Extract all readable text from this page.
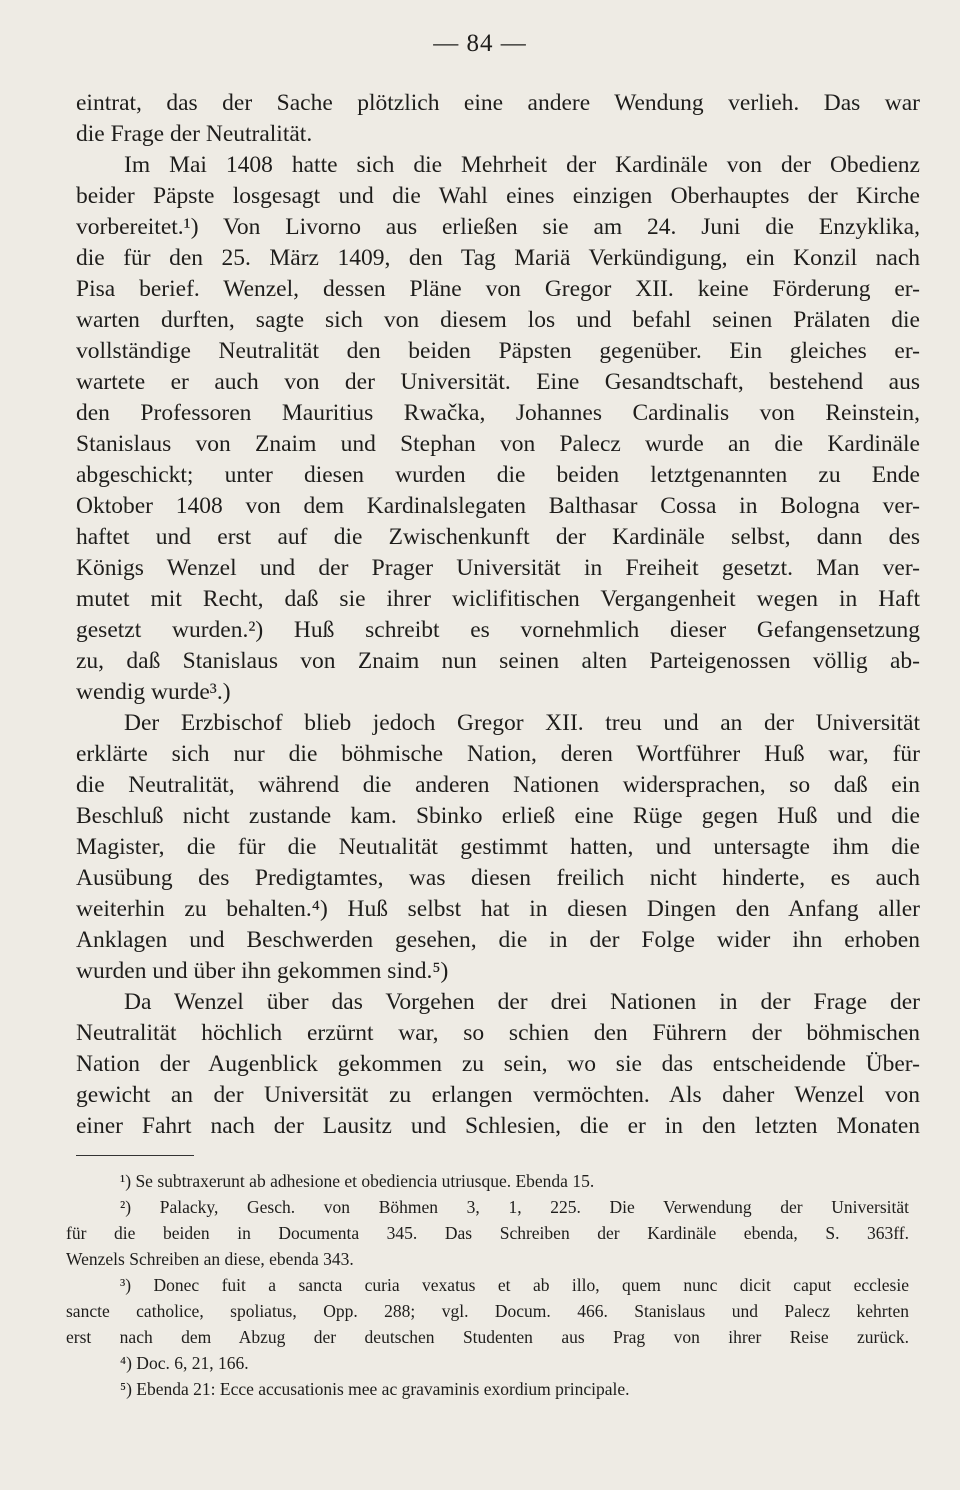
— 84 —
eintrat, das der Sache plötzlich eine andere Wendung verlieh. Das war
die Frage der Neutralität.
Im Mai 1408 hatte sich die Mehrheit der Kardinäle von der Obedienz
beider Päpste losgesagt und die Wahl eines einzigen Oberhauptes der Kirche
vorbereitet.¹) Von Livorno aus erließen sie am 24. Juni die Enzyklika,
die für den 25. März 1409, den Tag Mariä Verkündigung, ein Konzil nach
Pisa berief. Wenzel, dessen Pläne von Gregor XII. keine Förderung er-
warten durften, sagte sich von diesem los und befahl seinen Prälaten die
vollständige Neutralität den beiden Päpsten gegenüber. Ein gleiches er-
wartete er auch von der Universität. Eine Gesandtschaft, bestehend aus
den Professoren Mauritius Rwačka, Johannes Cardinalis von Reinstein,
Stanislaus von Znaim und Stephan von Palecz wurde an die Kardinäle
abgeschickt; unter diesen wurden die beiden letztgenannten zu Ende
Oktober 1408 von dem Kardinalslegaten Balthasar Cossa in Bologna ver-
haftet und erst auf die Zwischenkunft der Kardinäle selbst, dann des
Königs Wenzel und der Prager Universität in Freiheit gesetzt. Man ver-
mutet mit Recht, daß sie ihrer wiclifitischen Vergangenheit wegen in Haft
gesetzt wurden.²) Huß schreibt es vornehmlich dieser Gefangensetzung
zu, daß Stanislaus von Znaim nun seinen alten Parteigenossen völlig ab-
wendig wurde³.)
Der Erzbischof blieb jedoch Gregor XII. treu und an der Universität
erklärte sich nur die böhmische Nation, deren Wortführer Huß war, für
die Neutralität, während die anderen Nationen widersprachen, so daß ein
Beschluß nicht zustande kam. Sbinko erließ eine Rüge gegen Huß und die
Magister, die für die Neutıalität gestimmt hatten, und untersagte ihm die
Ausübung des Predigtamtes, was diesen freilich nicht hinderte, es auch
weiterhin zu behalten.⁴) Huß selbst hat in diesen Dingen den Anfang aller
Anklagen und Beschwerden gesehen, die in der Folge wider ihn erhoben
wurden und über ihn gekommen sind.⁵)
Da Wenzel über das Vorgehen der drei Nationen in der Frage der
Neutralität höchlich erzürnt war, so schien den Führern der böhmischen
Nation der Augenblick gekommen zu sein, wo sie das entscheidende Über-
gewicht an der Universität zu erlangen vermöchten. Als daher Wenzel von
einer Fahrt nach der Lausitz und Schlesien, die er in den letzten Monaten
¹) Se subtraxerunt ab adhesione et obediencia utriusque. Ebenda 15.
²) Palacky, Gesch. von Böhmen 3, 1, 225. Die Verwendung der Universität
für die beiden in Documenta 345. Das Schreiben der Kardinäle ebenda, S. 363ff.
Wenzels Schreiben an diese, ebenda 343.
³) Donec fuit a sancta curia vexatus et ab illo, quem nunc dicit caput ecclesie
sancte catholice, spoliatus, Opp. 288; vgl. Docum. 466. Stanislaus und Palecz kehrten
erst nach dem Abzug der deutschen Studenten aus Prag von ihrer Reise zurück.
⁴) Doc. 6, 21, 166.
⁵) Ebenda 21: Ecce accusationis mee ac gravaminis exordium principale.
